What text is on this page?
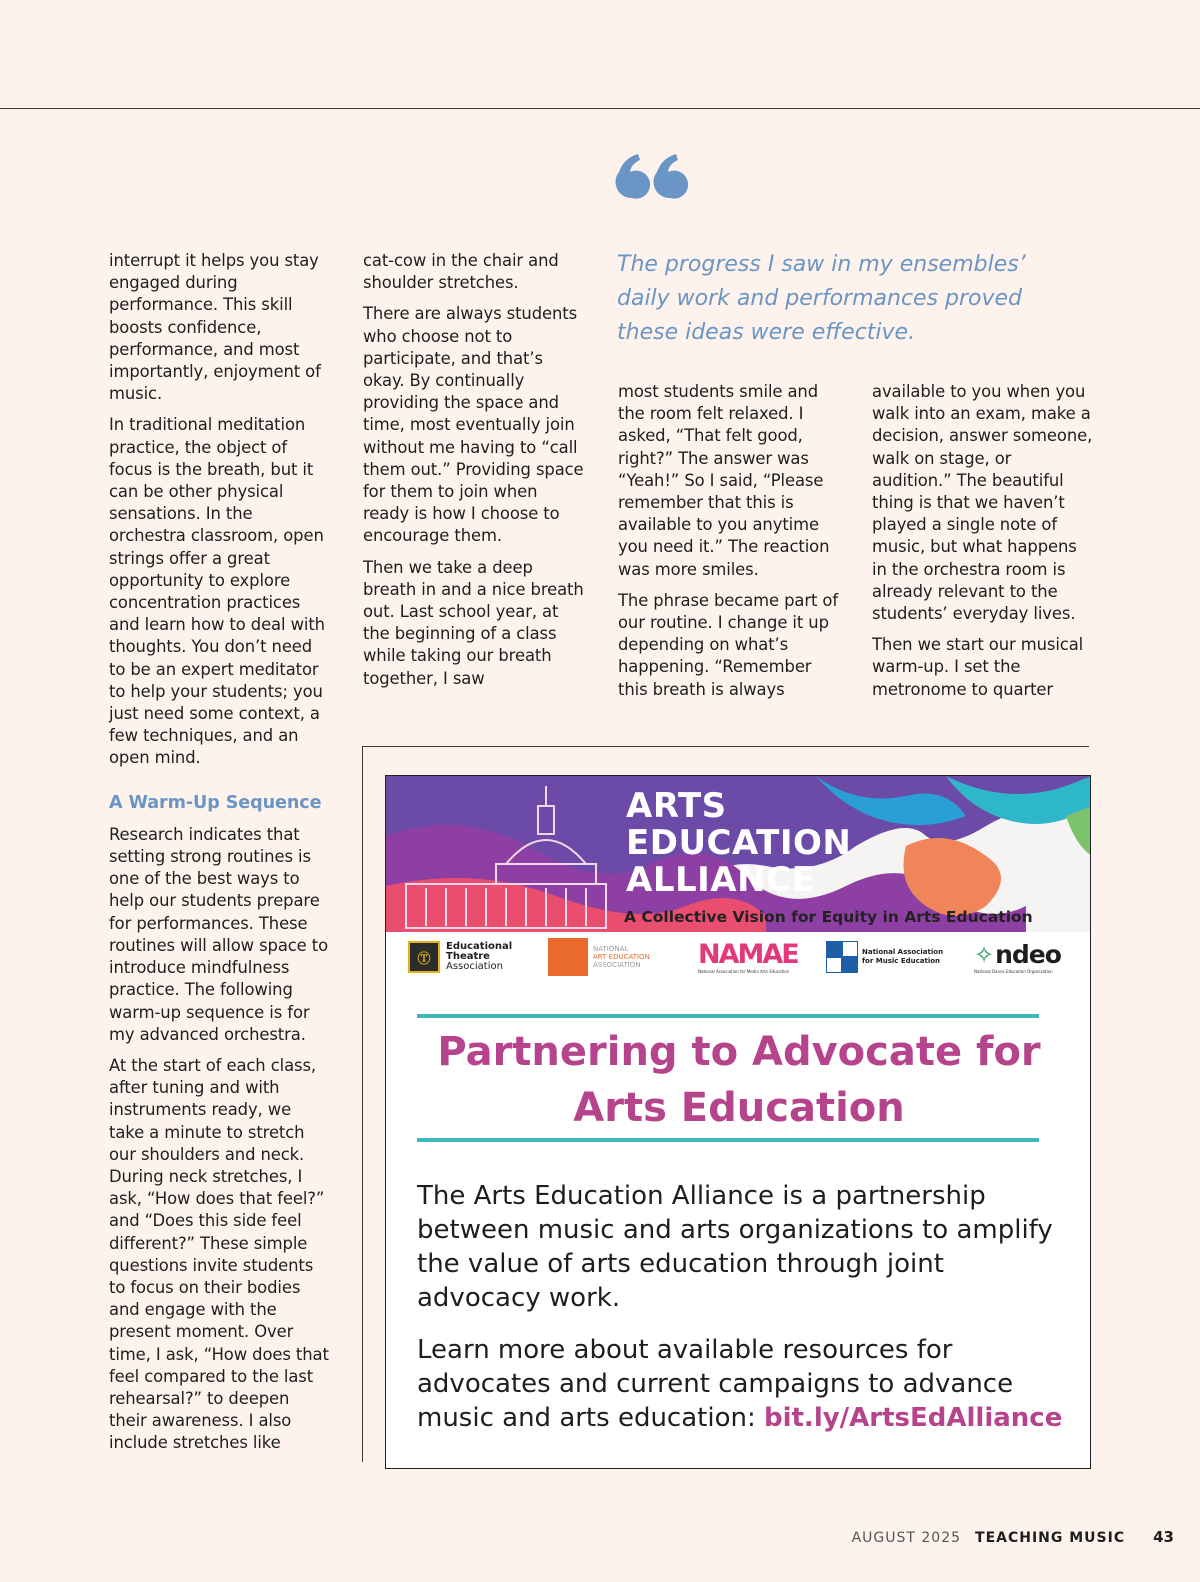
interrupt it helps you stay engaged during performance. This skill boosts confidence, performance, and most importantly, enjoyment of music.

In traditional meditation practice, the object of focus is the breath, but it can be other physical sensations. In the orchestra classroom, open strings offer a great opportunity to explore concentration practices and learn how to deal with thoughts. You don’t need to be an expert meditator to help your students; you just need some context, a few techniques, and an open mind.

A Warm-Up Sequence

Research indicates that setting strong routines is one of the best ways to help our students prepare for performances. These routines will allow space to introduce mindfulness practice. The following warm-up sequence is for my advanced orchestra.

At the start of each class, after tuning and with instruments ready, we take a minute to stretch our shoulders and neck. During neck stretches, I ask, “How does that feel?” and “Does this side feel different?” These simple questions invite students to focus on their bodies and engage with the present moment. Over time, I ask, “How does that feel compared to the last rehearsal?” to deepen their awareness. I also include stretches like

cat-cow in the chair and shoulder stretches.

There are always students who choose not to participate, and that’s okay. By continually providing the space and time, most eventually join without me having to “call them out.” Providing space for them to join when ready is how I choose to encourage them.

Then we take a deep breath in and a nice breath out. Last school year, at the beginning of a class while taking our breath together, I saw

The progress I saw in my ensembles’ daily work and performances proved these ideas were effective.

most students smile and the room felt relaxed. I asked, “That felt good, right?” The answer was “Yeah!” So I said, “Please remember that this is available to you anytime you need it.” The reaction was more smiles.

The phrase became part of our routine. I change it up depending on what’s happening. “Remember this breath is always

available to you when you walk into an exam, make a decision, answer someone, walk on stage, or audition.” The beautiful thing is that we haven’t played a single note of music, but what happens in the orchestra room is already relevant to the students’ everyday lives.

Then we start our musical warm-up. I set the metronome to quarter

ARTS
EDUCATION
ALLIANCE
A Collective Vision for Equity in Arts Education
Ⓣ
Educational
Theatre
Association
NATIONAL
ART EDUCATION
ASSOCIATION	NAMAE
National Association for Media Arts Education
National Association
for Music Education ✧ ndeo
National Dance Education Organization
Partnering to Advocate for
Arts Education

The Arts Education Alliance is a partnership between music and arts organizations to amplify the value of arts education through joint advocacy work.

Learn more about available resources for advocates and current campaigns to advance music and arts education: bit.ly/ArtsEdAlliance

AUGUST 2025 TEACHING MUSIC 43
